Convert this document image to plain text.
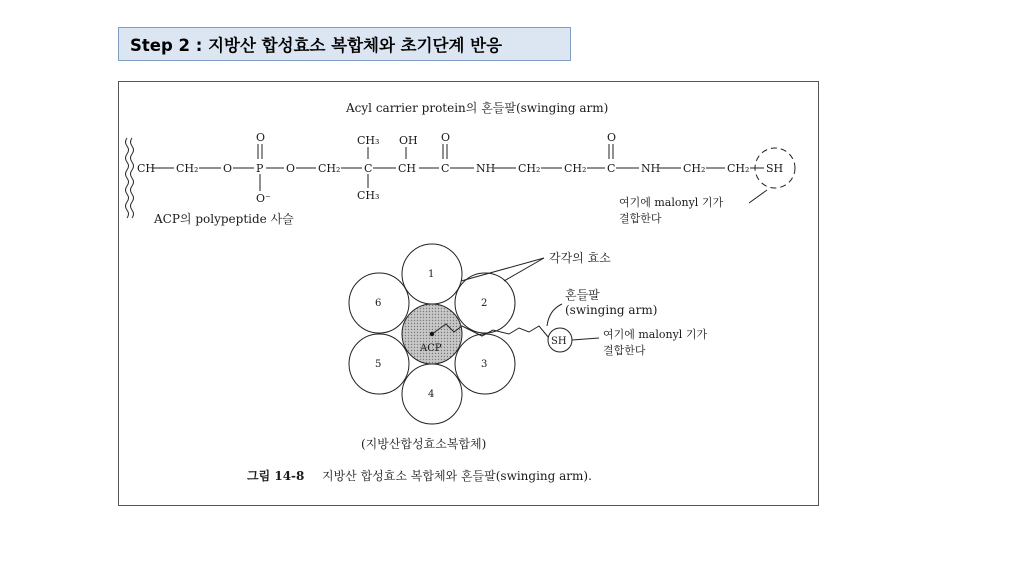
Step 2 : 지방산 합성효소 복합체와 초기단계 반응
Acyl carrier protein의 혼들팔(swinging arm)
CH CH₂ O P O CH₂ C CH C NH CH₂ CH₂ C NH CH₂ CH₂ SH
O
O⁻
CH₃
CH₃
OH O	O
ACP의 polypeptide 사슬
여기에 malonyl 기가
결합한다
1
2
3
4
5
6
ACP
SH
각각의 효소
혼들팔
(swinging arm)
여기에 malonyl 기가
결합한다
(지방산합성효소복합체)
그림 14-8 지방산 합성효소 복합체와 혼들팔(swinging arm).
